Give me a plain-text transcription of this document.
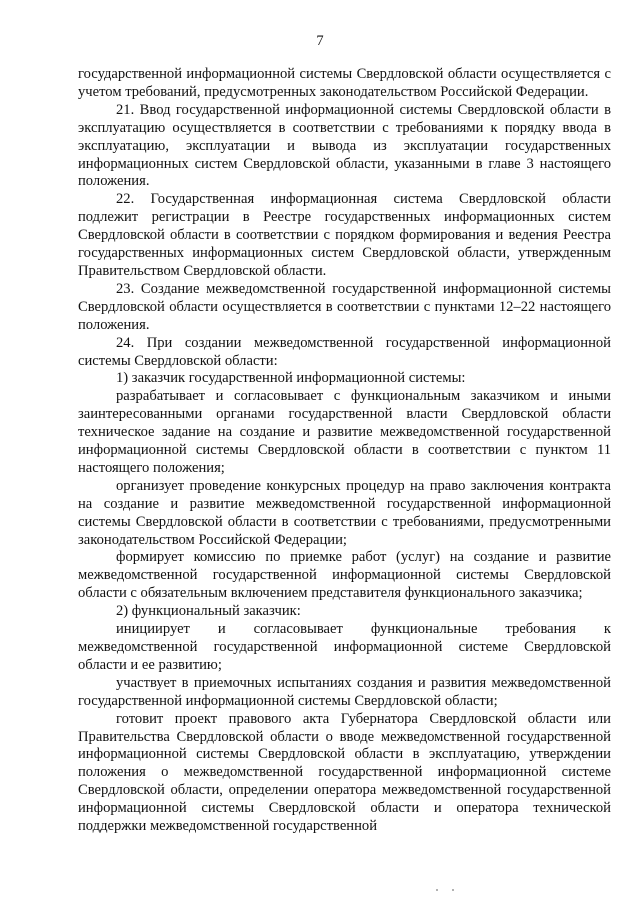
7

государственной информационной системы Свердловской области осуществляется с учетом требований, предусмотренных законодательством Российской Федерации.

21. Ввод государственной информационной системы Свердловской области в эксплуатацию осуществляется в соответствии с требованиями к порядку ввода в эксплуатацию, эксплуатации и вывода из эксплуатации государственных информационных систем Свердловской области, указанными в главе 3 настоящего положения.

22. Государственная информационная система Свердловской области подлежит регистрации в Реестре государственных информационных систем Свердловской области в соответствии с порядком формирования и ведения Реестра государственных информационных систем Свердловской области, утвержденным Правительством Свердловской области.

23. Создание межведомственной государственной информационной системы Свердловской области осуществляется в соответствии с пунктами 12–22 настоящего положения.

24. При создании межведомственной государственной информационной системы Свердловской области:

1) заказчик государственной информационной системы:

разрабатывает и согласовывает с функциональным заказчиком и иными заинтересованными органами государственной власти Свердловской области техническое задание на создание и развитие межведомственной государственной информационной системы Свердловской области в соответствии с пунктом 11 настоящего положения;

организует проведение конкурсных процедур на право заключения контракта на создание и развитие межведомственной государственной информационной системы Свердловской области в соответствии с требованиями, предусмотренными законодательством Российской Федерации;

формирует комиссию по приемке работ (услуг) на создание и развитие межведомственной государственной информационной системы Свердловской области с обязательным включением представителя функционального заказчика;

2) функциональный заказчик:

инициирует и согласовывает функциональные требования к межведомственной государственной информационной системе Свердловской области и ее развитию;

участвует в приемочных испытаниях создания и развития межведомственной государственной информационной системы Свердловской области;

готовит проект правового акта Губернатора Свердловской области или Правительства Свердловской области о вводе межведомственной государственной информационной системы Свердловской области в эксплуатацию, утверждении положения о межведомственной государственной информационной системе Свердловской области, определении оператора межведомственной государственной информационной системы Свердловской области и оператора технической поддержки межведомственной государственной
